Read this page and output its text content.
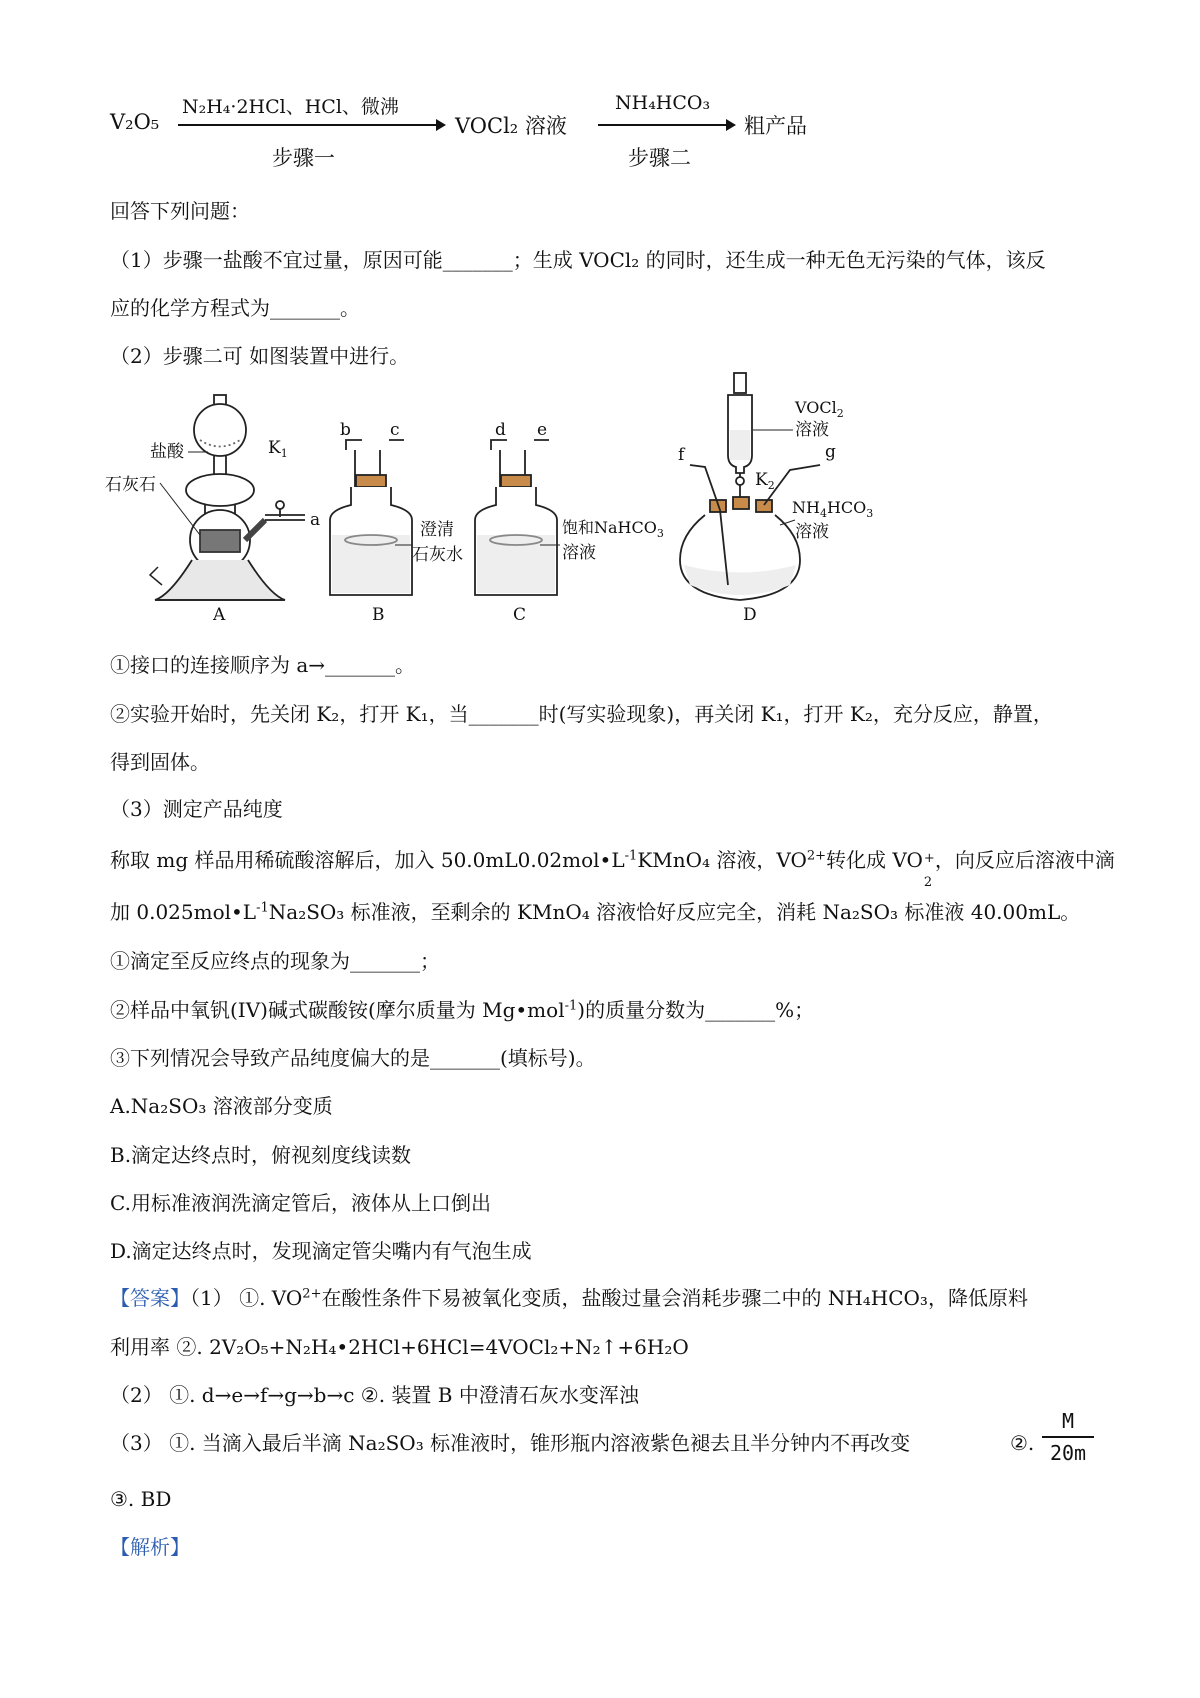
V₂O₅
N₂H₄·2HCl、HCl、微沸
步骤一
VOCl₂ 溶液
NH₄HCO₃
步骤二
粗产品
回答下列问题：
（1）步骤一盐酸不宜过量，原因可能_______；生成 VOCl₂ 的同时，还生成一种无色无污染的气体，该反
应的化学方程式为_______。
（2）步骤二可 如图装置中进行。
盐酸
石灰石
$K_1$
a
A
b c
澄清
石灰水
B
d e
饱和NaHCO$_3$
溶液
C
VOCl$_2$
溶液
$K_2$
f	g
$NH_4HCO_3$
溶液
D
①接口的连接顺序为 a→_______。
②实验开始时，先关闭 K₂，打开 K₁，当_______时(写实验现象)，再关闭 K₁，打开 K₂，充分反应，静置，
得到固体。
（3）测定产品纯度
称取 mg 样品用稀硫酸溶解后，加入 $50.0mL0.02mol•L^{-1}KMnO_4$ 溶液，$VO^{2+}$转化成 VO +
2
，向反应后溶液中滴
加 $0.025mol•L^{-1}Na_2SO_3$ 标准液，至剩余的 KMnO₄ 溶液恰好反应完全，消耗 Na₂SO₃ 标准液 40.00mL。
①滴定至反应终点的现象为_______；
②样品中氧钒(IV)碱式碳酸铵(摩尔质量为 Mg•mol$^{-1}$)的质量分数为_______%；
③下列情况会导致产品纯度偏大的是_______(填标号)。
A.Na₂SO₃ 溶液部分变质
B.滴定达终点时，俯视刻度线读数
C.用标准液润洗滴定管后，液体从上口倒出
D.滴定达终点时，发现滴定管尖嘴内有气泡生成
【答案】（1） ①. $VO^{2+}$在酸性条件下易被氧化变质，盐酸过量会消耗步骤二中的 NH₄HCO₃，降低原料
利用率 ②. 2V₂O₅+N₂H₄•2HCl+6HCl=4VOCl₂+N₂↑+6H₂O
（2） ①. d→e→f→g→b→c ②. 装置 B 中澄清石灰水变浑浊
（3） ①. 当滴入最后半滴 Na₂SO₃ 标准液时，锥形瓶内溶液紫色褪去且半分钟内不再改变	②.
M
20m
③. BD
【解析】
